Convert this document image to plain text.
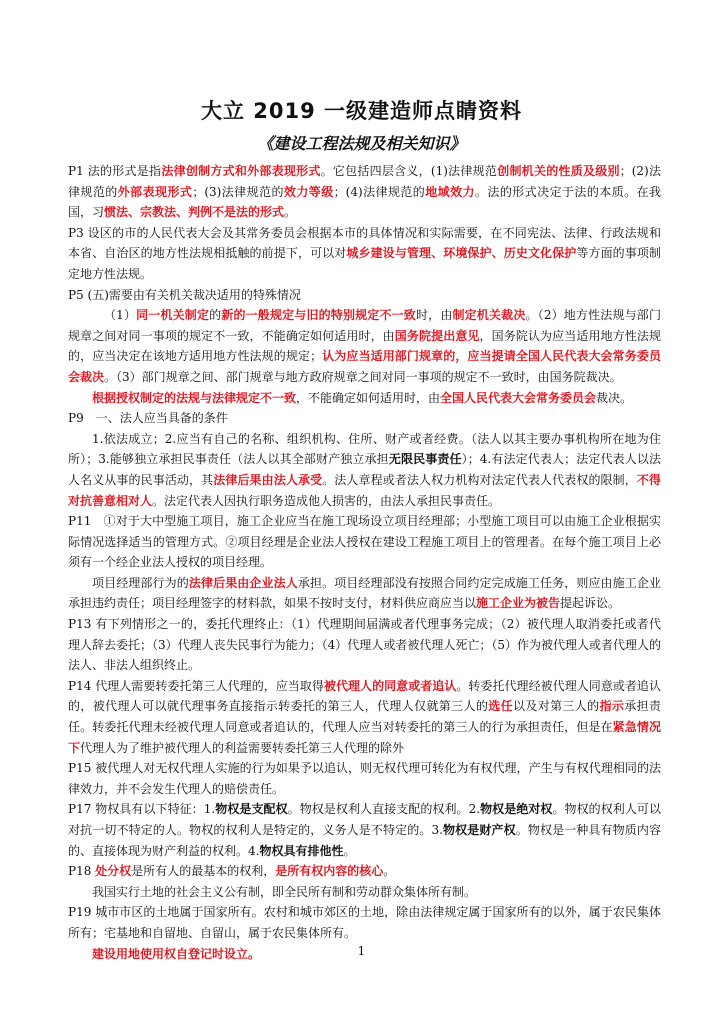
大立 2019 一级建造师点睛资料
《建设工程法规及相关知识》

P1 法的形式是指法律创制方式和外部表现形式。它包括四层含义，(1)法律规范创制机关的性质及级别；(2)法律规范的外部表现形式；(3)法律规范的效力等级；(4)法律规范的地域效力。法的形式决定于法的本质。在我国，习惯法、宗教法、判例不是法的形式。

P3 设区的市的人民代表大会及其常务委员会根据本市的具体情况和实际需要，在不同宪法、法律、行政法规和本省、自治区的地方性法规相抵触的前提下，可以对城乡建设与管理、环境保护、历史文化保护等方面的事项制定地方性法规。

P5 (五)需要由有关机关裁决适用的特殊情况

（1）同一机关制定的新的一般规定与旧的特别规定不一致时，由制定机关裁决。（2）地方性法规与部门规章之间对同一事项的规定不一致，不能确定如何适用时，由国务院提出意见，国务院认为应当适用地方性法规的，应当决定在该地方适用地方性法规的规定；认为应当适用部门规章的，应当提请全国人民代表大会常务委员会裁决。（3）部门规章之间、部门规章与地方政府规章之间对同一事项的规定不一致时，由国务院裁决。

根据授权制定的法规与法律规定不一致，不能确定如何适用时，由全国人民代表大会常务委员会裁决。

P9　一、法人应当具备的条件

1.依法成立；2.应当有自己的名称、组织机构、住所、财产或者经费。（法人以其主要办事机构所在地为住所）；3.能够独立承担民事责任（法人以其全部财产独立承担无限民事责任）；4.有法定代表人；法定代表人以法人名义从事的民事活动，其法律后果由法人承受。法人章程或者法人权力机构对法定代表人代表权的限制，不得对抗善意相对人。法定代表人因执行职务造成他人损害的，由法人承担民事责任。

P11　①对于大中型施工项目，施工企业应当在施工现场设立项目经理部；小型施工项目可以由施工企业根据实际情况选择适当的管理方式。②项目经理是企业法人授权在建设工程施工项目上的管理者。在每个施工项目上必须有一个经企业法人授权的项目经理。

项目经理部行为的法律后果由企业法人承担。项目经理部没有按照合同约定完成施工任务，则应由施工企业承担违约责任；项目经理签字的材料款，如果不按时支付，材料供应商应当以施工企业为被告提起诉讼。

P13 有下列情形之一的，委托代理终止：（1）代理期间届满或者代理事务完成；（2）被代理人取消委托或者代理人辞去委托；（3）代理人丧失民事行为能力；（4）代理人或者被代理人死亡；（5）作为被代理人或者代理人的法人、非法人组织终止。

P14 代理人需要转委托第三人代理的，应当取得被代理人的同意或者追认。转委托代理经被代理人同意或者追认的，被代理人可以就代理事务直接指示转委托的第三人，代理人仅就第三人的选任以及对第三人的指示承担责任。转委托代理未经被代理人同意或者追认的，代理人应当对转委托的第三人的行为承担责任，但是在紧急情况下代理人为了维护被代理人的利益需要转委托第三人代理的除外

P15 被代理人对无权代理人实施的行为如果予以追认，则无权代理可转化为有权代理，产生与有权代理相同的法律效力，并不会发生代理人的赔偿责任。

P17 物权具有以下特征：1.物权是支配权。物权是权利人直接支配的权利。2.物权是绝对权。物权的权利人可以对抗一切不特定的人。物权的权利人是特定的，义务人是不特定的。3.物权是财产权。物权是一种具有物质内容的、直接体现为财产利益的权利。4.物权具有排他性。

P18 处分权是所有人的最基本的权利，是所有权内容的核心。

我国实行土地的社会主义公有制，即全民所有制和劳动群众集体所有制。

P19 城市市区的土地属于国家所有。农村和城市郊区的土地，除由法律规定属于国家所有的以外，属于农民集体所有；宅基地和自留地、自留山，属于农民集体所有。

建设用地使用权自登记时设立。	1
